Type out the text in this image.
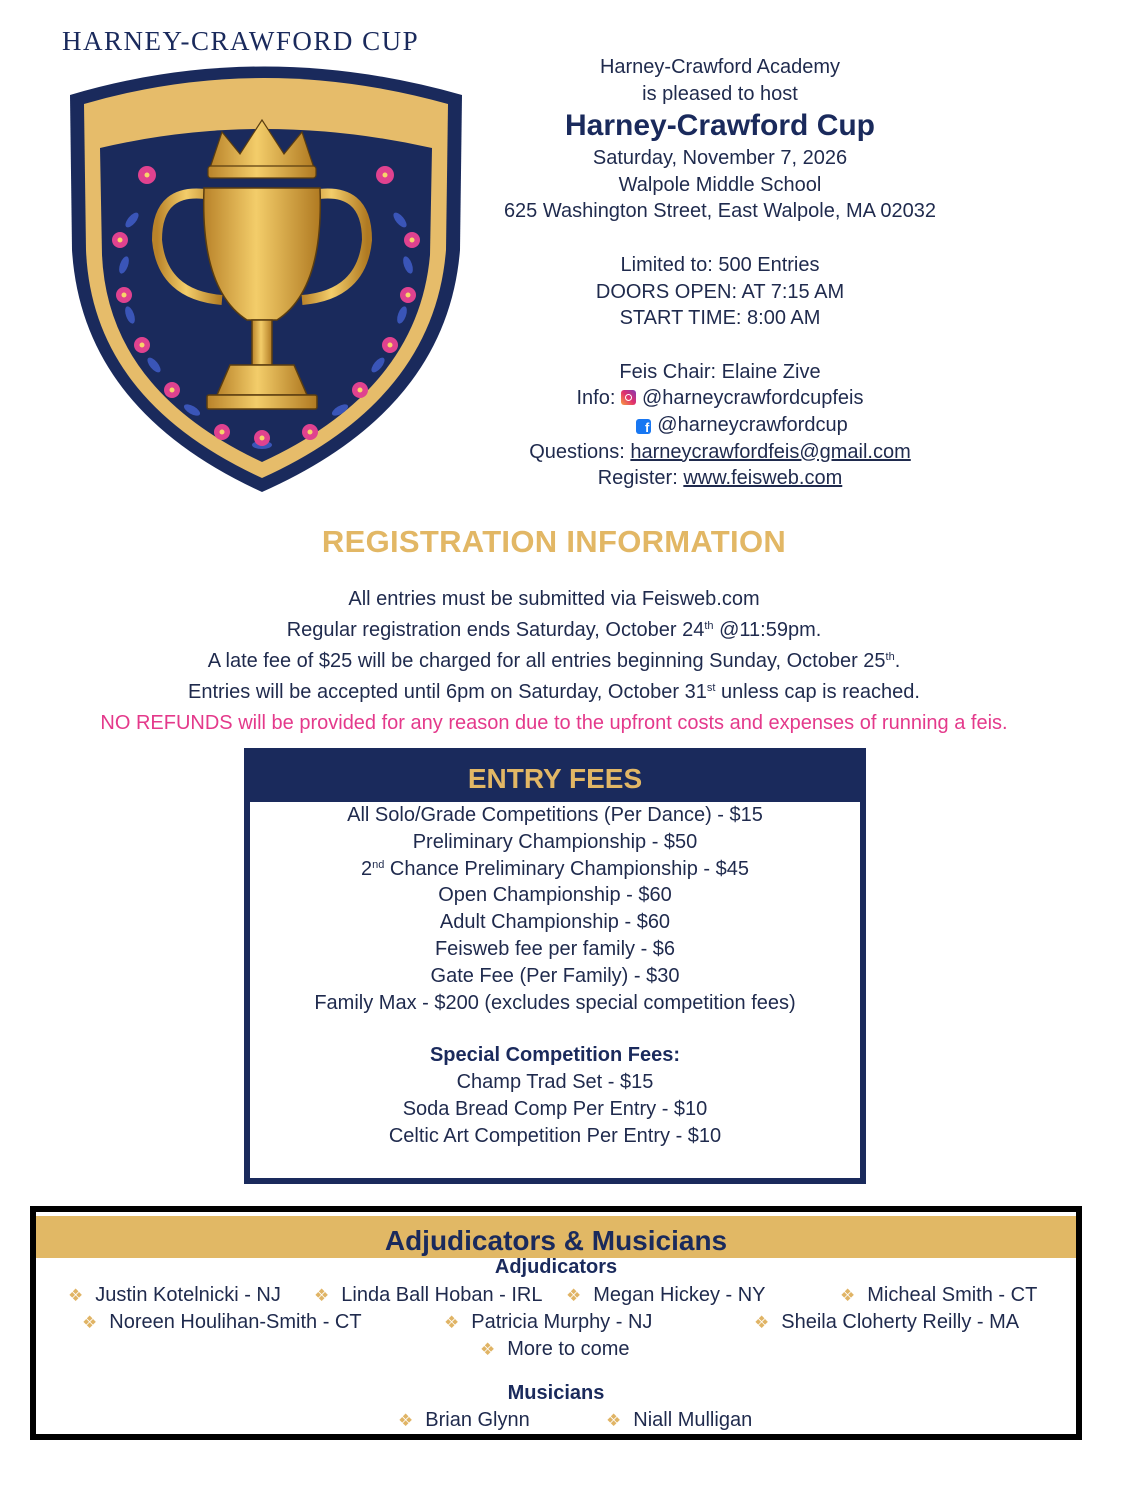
HARNEY-CRAWFORD CUP
Harney-Crawford Academy
is pleased to host
Harney-Crawford Cup
Saturday, November 7, 2026
Walpole Middle School
625 Washington Street, East Walpole, MA 02032
Limited to: 500 Entries
DOORS OPEN: AT 7:15 AM
START TIME: 8:00 AM
Feis Chair: Elaine Zive
Info: @harneycrawfordcupfeis
f @harneycrawfordcup
Questions: harneycrawfordfeis@gmail.com
Register: www.feisweb.com
REGISTRATION INFORMATION
All entries must be submitted via Feisweb.com
Regular registration ends Saturday, October 24th @11:59pm.
A late fee of $25 will be charged for all entries beginning Sunday, October 25th.
Entries will be accepted until 6pm on Saturday, October 31st unless cap is reached.
NO REFUNDS will be provided for any reason due to the upfront costs and expenses of running a feis.
ENTRY FEES
All Solo/Grade Competitions (Per Dance) - $15
Preliminary Championship - $50
2nd Chance Preliminary Championship - $45
Open Championship - $60
Adult Championship - $60
Feisweb fee per family - $6
Gate Fee (Per Family) - $30
Family Max - $200 (excludes special competition fees)
Special Competition Fees:
Champ Trad Set - $15
Soda Bread Comp Per Entry - $10
Celtic Art Competition Per Entry - $10
Adjudicators & Musicians
Adjudicators
❖ Justin Kotelnicki - NJ ❖ Linda Ball Hoban - IRL ❖ Megan Hickey - NY	❖ Micheal Smith - CT
❖ Noreen Houlihan-Smith - CT	❖ Patricia Murphy - NJ	❖ Sheila Cloherty Reilly - MA
❖ More to come
Musicians
❖ Brian Glynn	❖ Niall Mulligan
